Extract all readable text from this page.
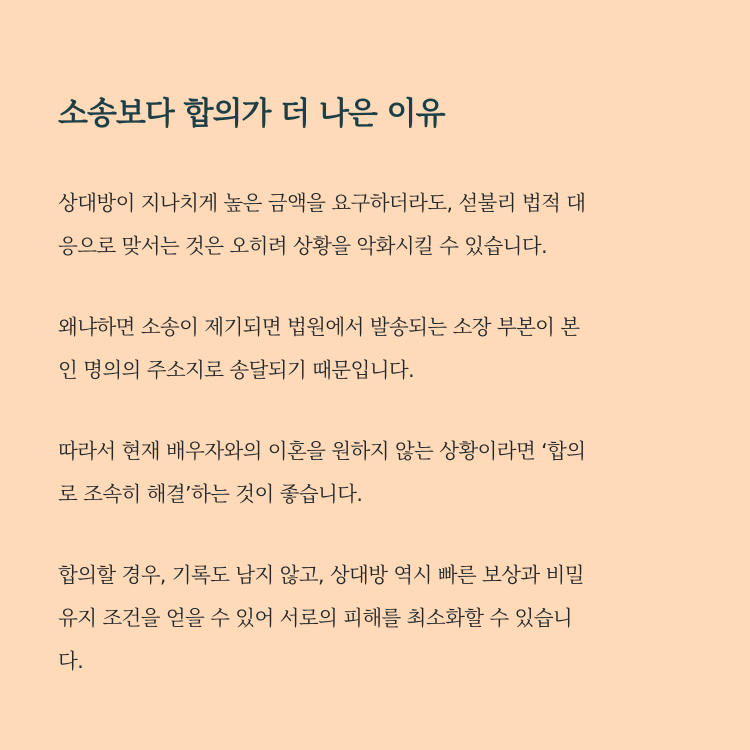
소송보다 합의가 더 나은 이유

상대방이 지나치게 높은 금액을 요구하더라도, 섣불리 법적 대
응으로 맞서는 것은 오히려 상황을 악화시킬 수 있습니다.

왜냐하면 소송이 제기되면 법원에서 발송되는 소장 부본이 본
인 명의의 주소지로 송달되기 때문입니다.

따라서 현재 배우자와의 이혼을 원하지 않는 상황이라면 ‘합의
로 조속히 해결’하는 것이 좋습니다.

합의할 경우, 기록도 남지 않고, 상대방 역시 빠른 보상과 비밀
유지 조건을 얻을 수 있어 서로의 피해를 최소화할 수 있습니
다.
